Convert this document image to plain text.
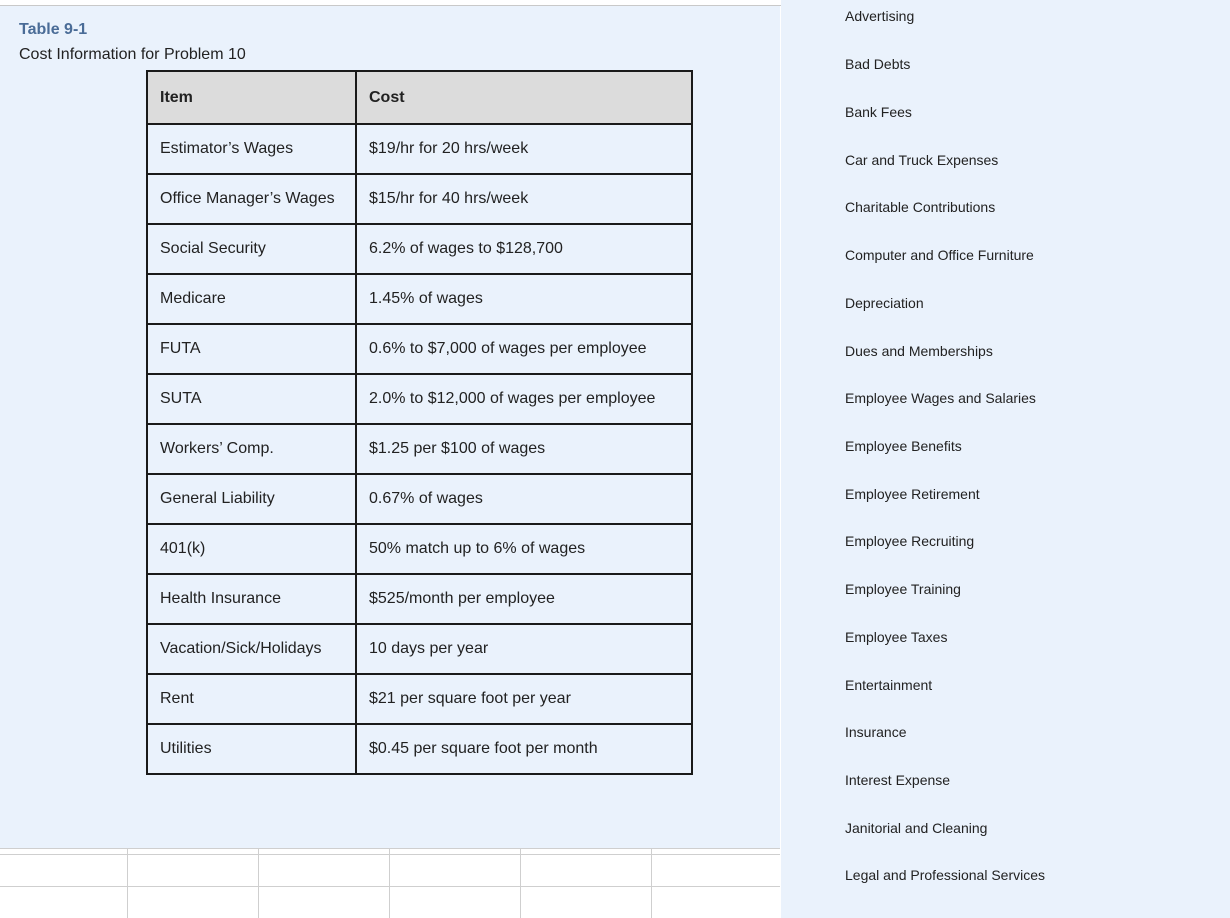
Table 9-1
Cost Information for Problem 10
Item	Cost
Estimator’s Wages	$19/hr for 20 hrs/week
Office Manager’s Wages	$15/hr for 40 hrs/week
Social Security	6.2% of wages to $128,700
Medicare	1.45% of wages
FUTA	0.6% to $7,000 of wages per employee
SUTA	2.0% to $12,000 of wages per employee
Workers’ Comp.	$1.25 per $100 of wages
General Liability	0.67% of wages
401(k)	50% match up to 6% of wages
Health Insurance	$525/month per employee
Vacation/Sick/Holidays	10 days per year
Rent	$21 per square foot per year
Utilities	$0.45 per square foot per month
Advertising
Bad Debts
Bank Fees
Car and Truck Expenses
Charitable Contributions
Computer and Office Furniture
Depreciation
Dues and Memberships
Employee Wages and Salaries
Employee Benefits
Employee Retirement
Employee Recruiting
Employee Training
Employee Taxes
Entertainment
Insurance
Interest Expense
Janitorial and Cleaning
Legal and Professional Services
